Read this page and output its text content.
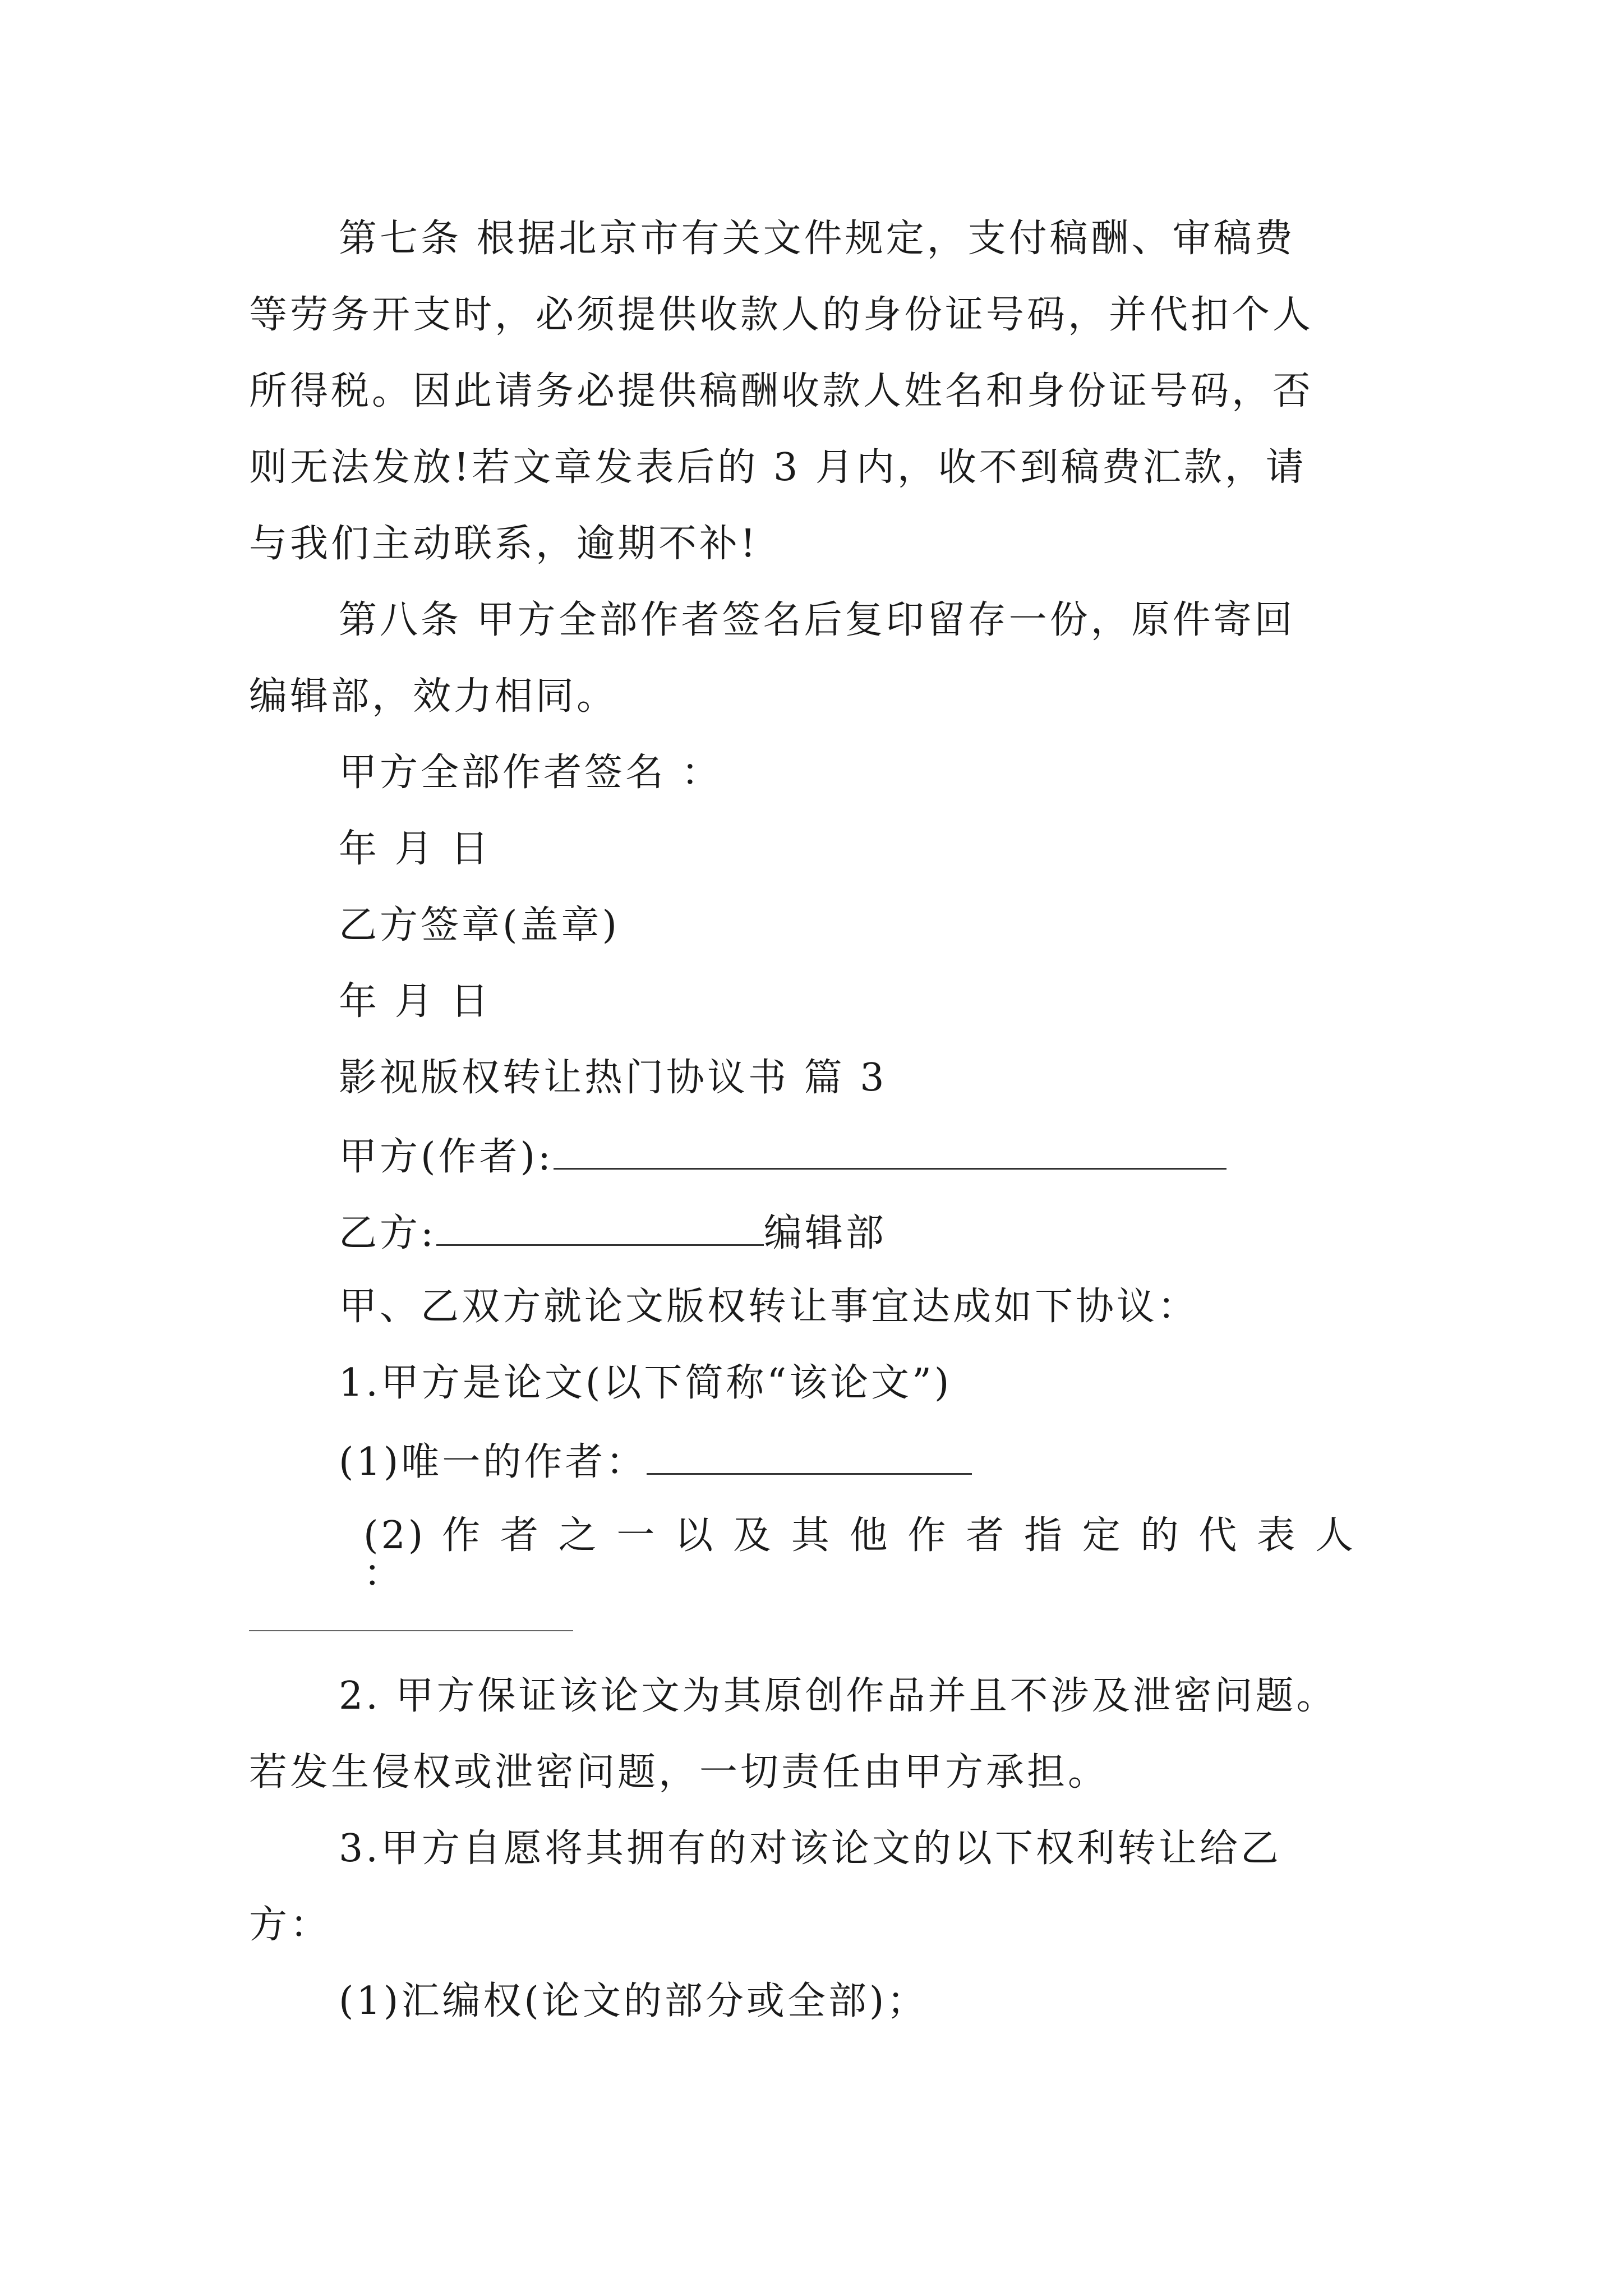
第七条 根据北京市有关文件规定，支付稿酬、审稿费
等劳务开支时，必须提供收款人的身份证号码，并代扣个人
所得税。因此请务必提供稿酬收款人姓名和身份证号码，否
则无法发放!若文章发表后的 3 月内，收不到稿费汇款，请
与我们主动联系，逾期不补!
第八条 甲方全部作者签名后复印留存一份，原件寄回
编辑部，效力相同。
甲方全部作者签名 ：
年 月 日
乙方签章(盖章)
年 月 日
影视版权转让热门协议书 篇 3
甲方(作者):
乙方:	编辑部
甲、乙双方就论文版权转让事宜达成如下协议：
1.甲方是论文(以下简称“该论文”)
(1)唯一的作者：
(2) 作 者 之 一 以 及 其 他 作 者 指 定 的 代 表 人 ：
2. 甲方保证该论文为其原创作品并且不涉及泄密问题。
若发生侵权或泄密问题，一切责任由甲方承担。
3.甲方自愿将其拥有的对该论文的以下权利转让给乙
方：
(1)汇编权(论文的部分或全部)；
